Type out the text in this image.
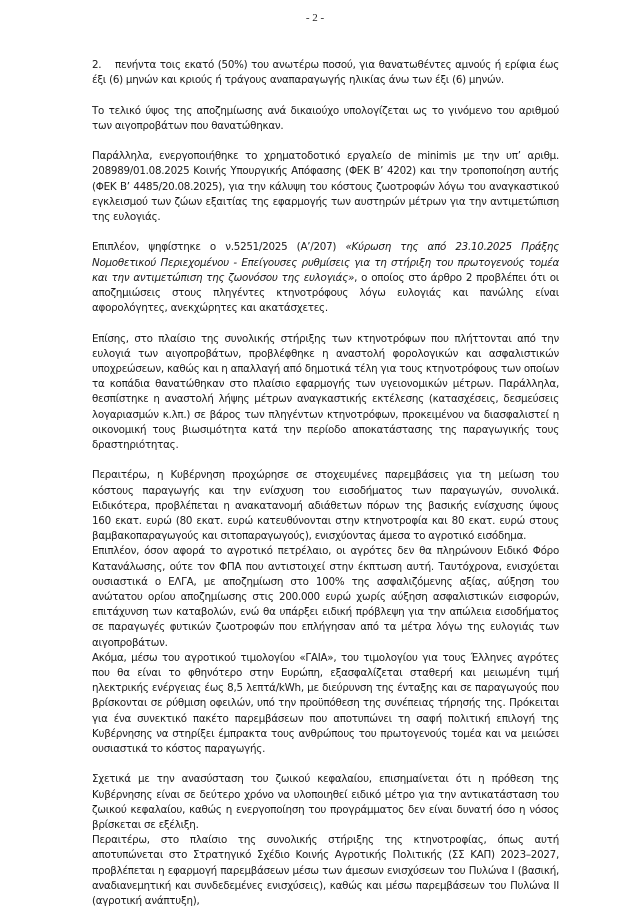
- 2 -

2. πενήντα τοις εκατό (50%) του ανωτέρω ποσού, για θανατωθέντες αμνούς ή ερίφια έως έξι (6) μηνών και κριούς ή τράγους αναπαραγωγής ηλικίας άνω των έξι (6) μηνών.

Το τελικό ύψος της αποζημίωσης ανά δικαιούχο υπολογίζεται ως το γινόμενο του αριθμού των αιγοπροβάτων που θανατώθηκαν.

Παράλληλα, ενεργοποιήθηκε το χρηματοδοτικό εργαλείο de minimis με την υπ’ αριθμ. 208989/01.08.2025 Κοινής Υπουργικής Απόφασης (ΦΕΚ Β’ 4202) και την τροποποίηση αυτής (ΦΕΚ Β’ 4485/20.08.2025), για την κάλυψη του κόστους ζωοτροφών λόγω του αναγκαστικού εγκλεισμού των ζώων εξαιτίας της εφαρμογής των αυστηρών μέτρων για την αντιμετώπιση της ευλογιάς.

Επιπλέον, ψηφίστηκε ο ν.5251/2025 (Α’/207) «Κύρωση της από 23.10.2025 Πράξης Νομοθετικού Περιεχομένου - Επείγουσες ρυθμίσεις για τη στήριξη του πρωτογενούς τομέα και την αντιμετώπιση της ζωονόσου της ευλογιάς», ο οποίος στο άρθρο 2 προβλέπει ότι οι αποζημιώσεις στους πληγέντες κτηνοτρόφους λόγω ευλογιάς και πανώλης είναι αφορολόγητες, ανεκχώρητες και ακατάσχετες.

Επίσης, στο πλαίσιο της συνολικής στήριξης των κτηνοτρόφων που πλήττονται από την ευλογιά των αιγοπροβάτων, προβλέφθηκε η αναστολή φορολογικών και ασφαλιστικών υποχρεώσεων, καθώς και η απαλλαγή από δημοτικά τέλη για τους κτηνοτρόφους των οποίων τα κοπάδια θανατώθηκαν στο πλαίσιο εφαρμογής των υγειονομικών μέτρων. Παράλληλα, θεσπίστηκε η αναστολή λήψης μέτρων αναγκαστικής εκτέλεσης (κατασχέσεις, δεσμεύσεις λογαριασμών κ.λπ.) σε βάρος των πληγέντων κτηνοτρόφων, προκειμένου να διασφαλιστεί η οικονομική τους βιωσιμότητα κατά την περίοδο αποκατάστασης της παραγωγικής τους δραστηριότητας.

Περαιτέρω, η Κυβέρνηση προχώρησε σε στοχευμένες παρεμβάσεις για τη μείωση του κόστους παραγωγής και την ενίσχυση του εισοδήματος των παραγωγών, συνολικά. Ειδικότερα, προβλέπεται η ανακατανομή αδιάθετων πόρων της βασικής ενίσχυσης ύψους 160 εκατ. ευρώ (80 εκατ. ευρώ κατευθύνονται στην κτηνοτροφία και 80 εκατ. ευρώ στους βαμβακοπαραγωγούς και σιτοπαραγωγούς), ενισχύοντας άμεσα το αγροτικό εισόδημα.

Επιπλέον, όσον αφορά το αγροτικό πετρέλαιο, οι αγρότες δεν θα πληρώνουν Ειδικό Φόρο Κατανάλωσης, ούτε τον ΦΠΑ που αντιστοιχεί στην έκπτωση αυτή. Ταυτόχρονα, ενισχύεται ουσιαστικά ο ΕΛΓΑ, με αποζημίωση στο 100% της ασφαλιζόμενης αξίας, αύξηση του ανώτατου ορίου αποζημίωσης στις 200.000 ευρώ χωρίς αύξηση ασφαλιστικών εισφορών, επιτάχυνση των καταβολών, ενώ θα υπάρξει ειδική πρόβλεψη για την απώλεια εισοδήματος σε παραγωγές φυτικών ζωοτροφών που επλήγησαν από τα μέτρα λόγω της ευλογιάς των αιγοπροβάτων.

Ακόμα, μέσω του αγροτικού τιμολογίου «ΓΑΙΑ», του τιμολογίου για τους Έλληνες αγρότες που θα είναι το φθηνότερο στην Ευρώπη, εξασφαλίζεται σταθερή και μειωμένη τιμή ηλεκτρικής ενέργειας έως 8,5 λεπτά/kWh, με διεύρυνση της ένταξης και σε παραγωγούς που βρίσκονται σε ρύθμιση οφειλών, υπό την προϋπόθεση της συνέπειας τήρησής της. Πρόκειται για ένα συνεκτικό πακέτο παρεμβάσεων που αποτυπώνει τη σαφή πολιτική επιλογή της Κυβέρνησης να στηρίξει έμπρακτα τους ανθρώπους του πρωτογενούς τομέα και να μειώσει ουσιαστικά το κόστος παραγωγής.

Σχετικά με την ανασύσταση του ζωικού κεφαλαίου, επισημαίνεται ότι η πρόθεση της Κυβέρνησης είναι σε δεύτερο χρόνο να υλοποιηθεί ειδικό μέτρο για την αντικατάσταση του ζωικού κεφαλαίου, καθώς η ενεργοποίηση του προγράμματος δεν είναι δυνατή όσο η νόσος βρίσκεται σε εξέλιξη.

Περαιτέρω, στο πλαίσιο της συνολικής στήριξης της κτηνοτροφίας, όπως αυτή αποτυπώνεται στο Στρατηγικό Σχέδιο Κοινής Αγροτικής Πολιτικής (ΣΣ ΚΑΠ) 2023–2027, προβλέπεται η εφαρμογή παρεμβάσεων μέσω των άμεσων ενισχύσεων του Πυλώνα Ι (βασική, αναδιανεμητική και συνδεδεμένες ενισχύσεις), καθώς και μέσω παρεμβάσεων του Πυλώνα ΙΙ (αγροτική ανάπτυξη),
